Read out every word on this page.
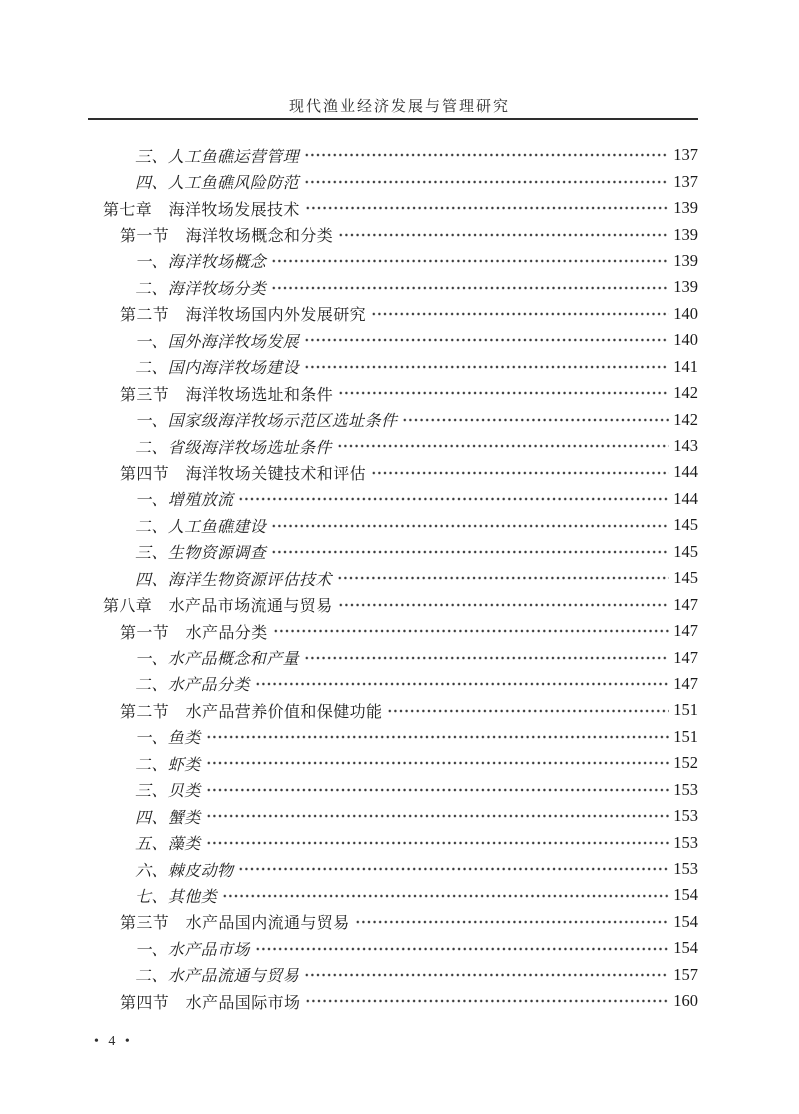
现代渔业经济发展与管理研究
三、人工鱼礁运营管理	137
四、人工鱼礁风险防范	137
第七章　海洋牧场发展技术	139
第一节　海洋牧场概念和分类	139
一、海洋牧场概念	139
二、海洋牧场分类	139
第二节　海洋牧场国内外发展研究	140
一、国外海洋牧场发展	140
二、国内海洋牧场建设	141
第三节　海洋牧场选址和条件	142
一、国家级海洋牧场示范区选址条件	142
二、省级海洋牧场选址条件	143
第四节　海洋牧场关键技术和评估	144
一、增殖放流	144
二、人工鱼礁建设	145
三、生物资源调查	145
四、海洋生物资源评估技术	145
第八章　水产品市场流通与贸易	147
第一节　水产品分类	147
一、水产品概念和产量	147
二、水产品分类	147
第二节　水产品营养价值和保健功能	151
一、鱼类	151
二、虾类	152
三、贝类	153
四、蟹类	153
五、藻类	153
六、棘皮动物	153
七、其他类	154
第三节　水产品国内流通与贸易	154
一、水产品市场	154
二、水产品流通与贸易	157
第四节　水产品国际市场	160
• 4 •
